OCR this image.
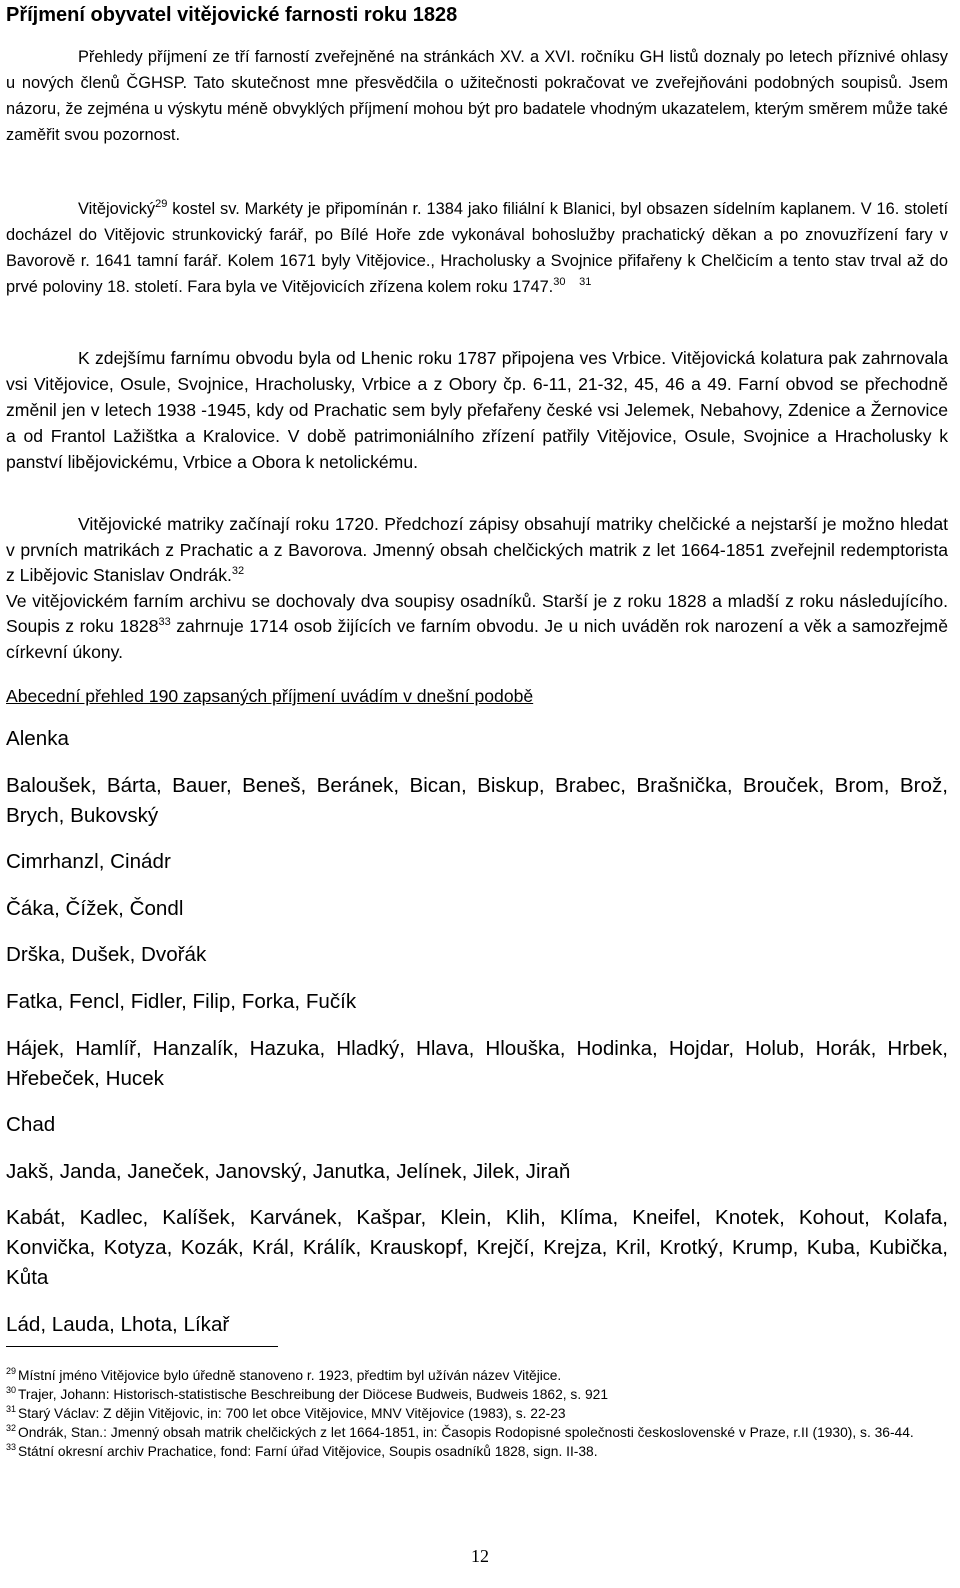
Příjmení obyvatel vitějovické farnosti roku 1828

Přehledy příjmení ze tří farností zveřejněné na stránkách XV. a XVI. ročníku GH listů doznaly po letech příznivé ohlasy u nových členů ČGHSP. Tato skutečnost mne přesvědčila o užitečnosti pokračovat ve zveřejňováni podobných soupisů. Jsem názoru, že zejména u výskytu méně obvyklých příjmení mohou být pro badatele vhodným ukazatelem, kterým směrem může také zaměřit svou pozornost.

Vitějovický$^{29}$ kostel sv. Markéty je připomínán r. 1384 jako filiální k Blanici, byl obsazen sídelním kaplanem. V 16. století docházel do Vitějovic strunkovický farář, po Bílé Hoře zde vykonával bohoslužby prachatický děkan a po znovuzřízení fary v Bavorově r. 1641 tamní farář. Kolem 1671 byly Vitějovice., Hracholusky a Svojnice přifařeny k Chelčicím a tento stav trval až do prvé poloviny 18. století. Fara byla ve Vitějovicích zřízena kolem roku 1747.30 $^{31}$

K zdejšímu farnímu obvodu byla od Lhenic roku 1787 připojena ves Vrbice. Vitějovická kolatura pak zahrnovala vsi Vitějovice, Osule, Svojnice, Hracholusky, Vrbice a z Obory čp. 6-11, 21-32, 45, 46 a 49. Farní obvod se přechodně změnil jen v letech 1938 -1945, kdy od Prachatic sem byly přefařeny české vsi Jelemek, Nebahovy, Zdenice a Žernovice a od Frantol Lažištka a Kralovice. V době patrimoniálního zřízení patřily Vitějovice, Osule, Svojnice a Hracholusky k panství libějovickému, Vrbice a Obora k netolickému.

Vitějovické matriky začínají roku 1720. Předchozí zápisy obsahují matriky chelčické a nejstarší je možno hledat v prvních matrikách z Prachatic a z Bavorova. Jmenný obsah chelčických matrik z let 1664-1851 zveřejnil redemptorista z Libějovic Stanislav Ondrák.$^{32}$
Ve vitějovickém farním archivu se dochovaly dva soupisy osadníků. Starší je z roku 1828 a mladší z roku následujícího. Soupis z roku 1828$^{33}$ zahrnuje 1714 osob žijících ve farním obvodu. Je u nich uváděn rok narození a věk a samozřejmě církevní úkony.

Abecední přehled 190 zapsaných příjmení uvádím v dnešní podobě

Alenka

Baloušek, Bárta, Bauer, Beneš, Beránek, Bican, Biskup, Brabec, Brašnička, Brouček, Brom, Brož, Brych, Bukovský

Cimrhanzl, Cinádr

Čáka, Čížek, Čondl

Drška, Dušek, Dvořák

Fatka, Fencl, Fidler, Filip, Forka, Fučík

Hájek, Hamlíř, Hanzalík, Hazuka, Hladký, Hlava, Hlouška, Hodinka, Hojdar, Holub, Horák, Hrbek, Hřebeček, Hucek

Chad

Jakš, Janda, Janeček, Janovský, Janutka, Jelínek, Jilek, Jiraň

Kabát, Kadlec, Kalíšek, Karvánek, Kašpar, Klein, Klih, Klíma, Kneifel, Knotek, Kohout, Kolafa, Konvička, Kotyza, Kozák, Král, Králík, Krauskopf, Krejčí, Krejza, Kril, Krotký, Krump, Kuba, Kubička, Kůta

Lád, Lauda, Lhota, Líkař

$^{29}$ Místní jméno Vitějovice bylo úředně stanoveno r. 1923, předtim byl užíván název Vitějice.

$^{30}$ Trajer, Johann: Historisch-statistische Beschreibung der Diöcese Budweis, Budweis 1862, s. 921

$^{31}$ Starý Václav: Z dějin Vitějovic, in: 700 let obce Vitějovice, MNV Vitějovice (1983), s. 22-23

$^{32}$ Ondrák, Stan.: Jmenný obsah matrik chelčických z let 1664-1851, in: Časopis Rodopisné společnosti československé v Praze, r.II (1930), s. 36-44.

$^{33}$ Státní okresní archiv Prachatice, fond: Farní úřad Vitějovice, Soupis osadníků 1828, sign. II-38.

12
